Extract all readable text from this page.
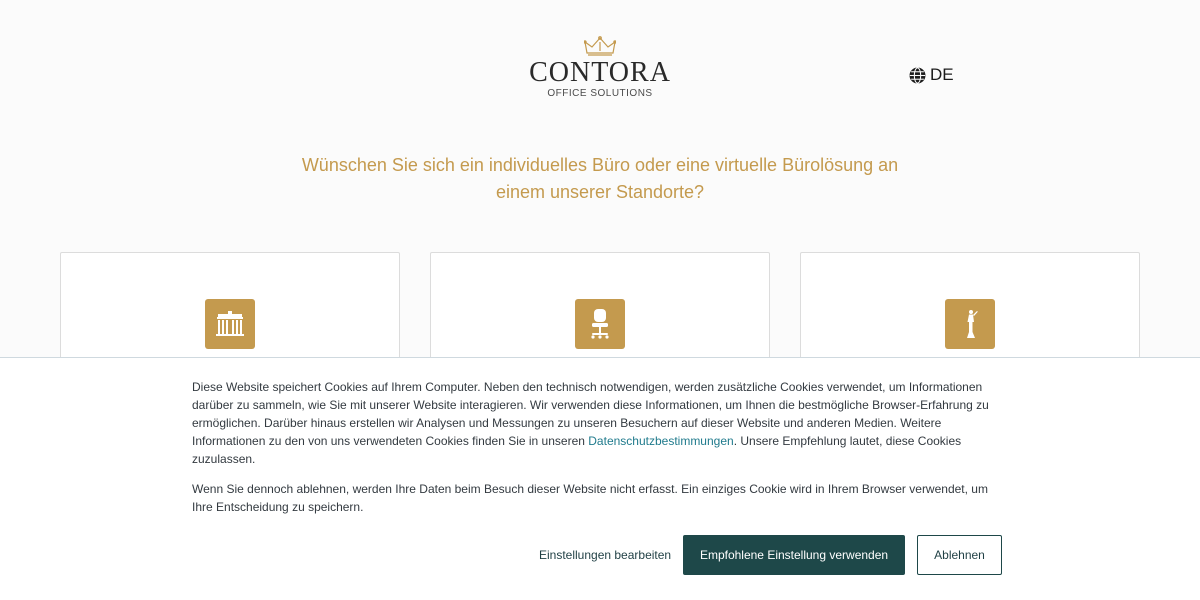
CONTORA
OFFICE SOLUTIONS
DE
Wünschen Sie sich ein individuelles Büro oder eine virtuelle Bürolösung an einem unserer Standorte?

Diese Website speichert Cookies auf Ihrem Computer. Neben den technisch notwendigen, werden zusätzliche Cookies verwendet, um Informationen darüber zu sammeln, wie Sie mit unserer Website interagieren. Wir verwenden diese Informationen, um Ihnen die bestmögliche Browser-Erfahrung zu ermöglichen. Darüber hinaus erstellen wir Analysen und Messungen zu unseren Besuchern auf dieser Website und anderen Medien. Weitere Informationen zu den von uns verwendeten Cookies finden Sie in unseren Datenschutzbestimmungen. Unsere Empfehlung lautet, diese Cookies zuzulassen.

Wenn Sie dennoch ablehnen, werden Ihre Daten beim Besuch dieser Website nicht erfasst. Ein einziges Cookie wird in Ihrem Browser verwendet, um Ihre Entscheidung zu speichern.

Einstellungen bearbeiten	Empfohlene Einstellung verwenden	Ablehnen
